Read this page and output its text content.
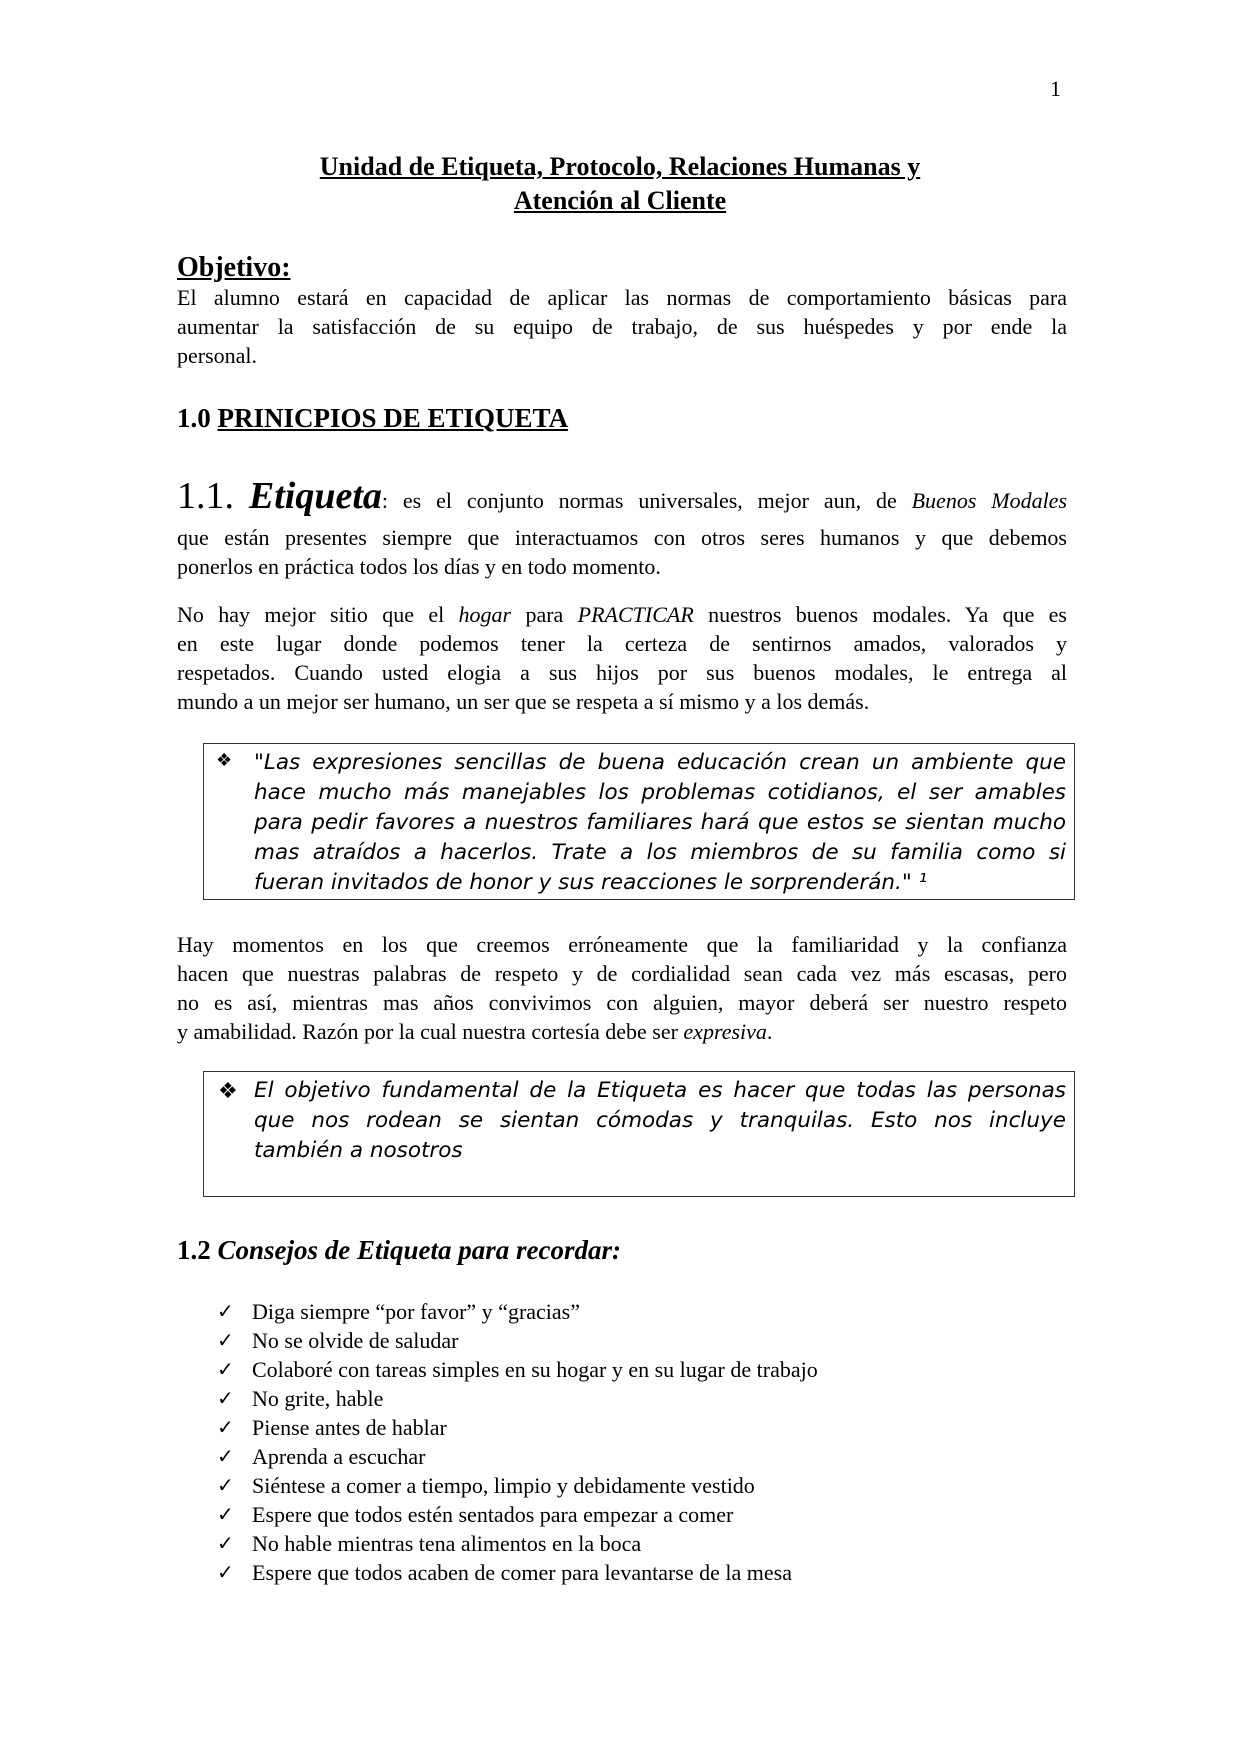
1
Unidad de Etiqueta, Protocolo, Relaciones Humanas y
Atención al Cliente
Objetivo:
El alumno estará en capacidad de aplicar las normas de comportamiento básicas para
aumentar la satisfacción de su equipo de trabajo, de sus huéspedes y por ende la
personal.
1.0 PRINICPIOS DE ETIQUETA
1.1. Etiqueta: es el conjunto normas universales, mejor aun, de Buenos Modales
que están presentes siempre que interactuamos con otros seres humanos y que debemos
ponerlos en práctica todos los días y en todo momento.
No hay mejor sitio que el hogar para PRACTICAR nuestros buenos modales. Ya que es
en este lugar donde podemos tener la certeza de sentirnos amados, valorados y
respetados. Cuando usted elogia a sus hijos por sus buenos modales, le entrega al
mundo a un mejor ser humano, un ser que se respeta a sí mismo y a los demás.
❖ "Las expresiones sencillas de buena educación crean un ambiente que
hace mucho más manejables los problemas cotidianos, el ser amables
para pedir favores a nuestros familiares hará que estos se sientan mucho
mas atraídos a hacerlos. Trate a los miembros de su familia como si
fueran invitados de honor y sus reacciones le sorprenderán." ¹
Hay momentos en los que creemos erróneamente que la familiaridad y la confianza
hacen que nuestras palabras de respeto y de cordialidad sean cada vez más escasas, pero
no es así, mientras mas años convivimos con alguien, mayor deberá ser nuestro respeto
y amabilidad. Razón por la cual nuestra cortesía debe ser expresiva.
❖ El objetivo fundamental de la Etiqueta es hacer que todas las personas
que nos rodean se sientan cómodas y tranquilas. Esto nos incluye
también a nosotros
1.2 Consejos de Etiqueta para recordar:
✓ Diga siempre “por favor” y “gracias”
✓ No se olvide de saludar
✓ Colaboré con tareas simples en su hogar y en su lugar de trabajo
✓ No grite, hable
✓ Piense antes de hablar
✓ Aprenda a escuchar
✓ Siéntese a comer a tiempo, limpio y debidamente vestido
✓ Espere que todos estén sentados para empezar a comer
✓ No hable mientras tena alimentos en la boca
✓ Espere que todos acaben de comer para levantarse de la mesa
